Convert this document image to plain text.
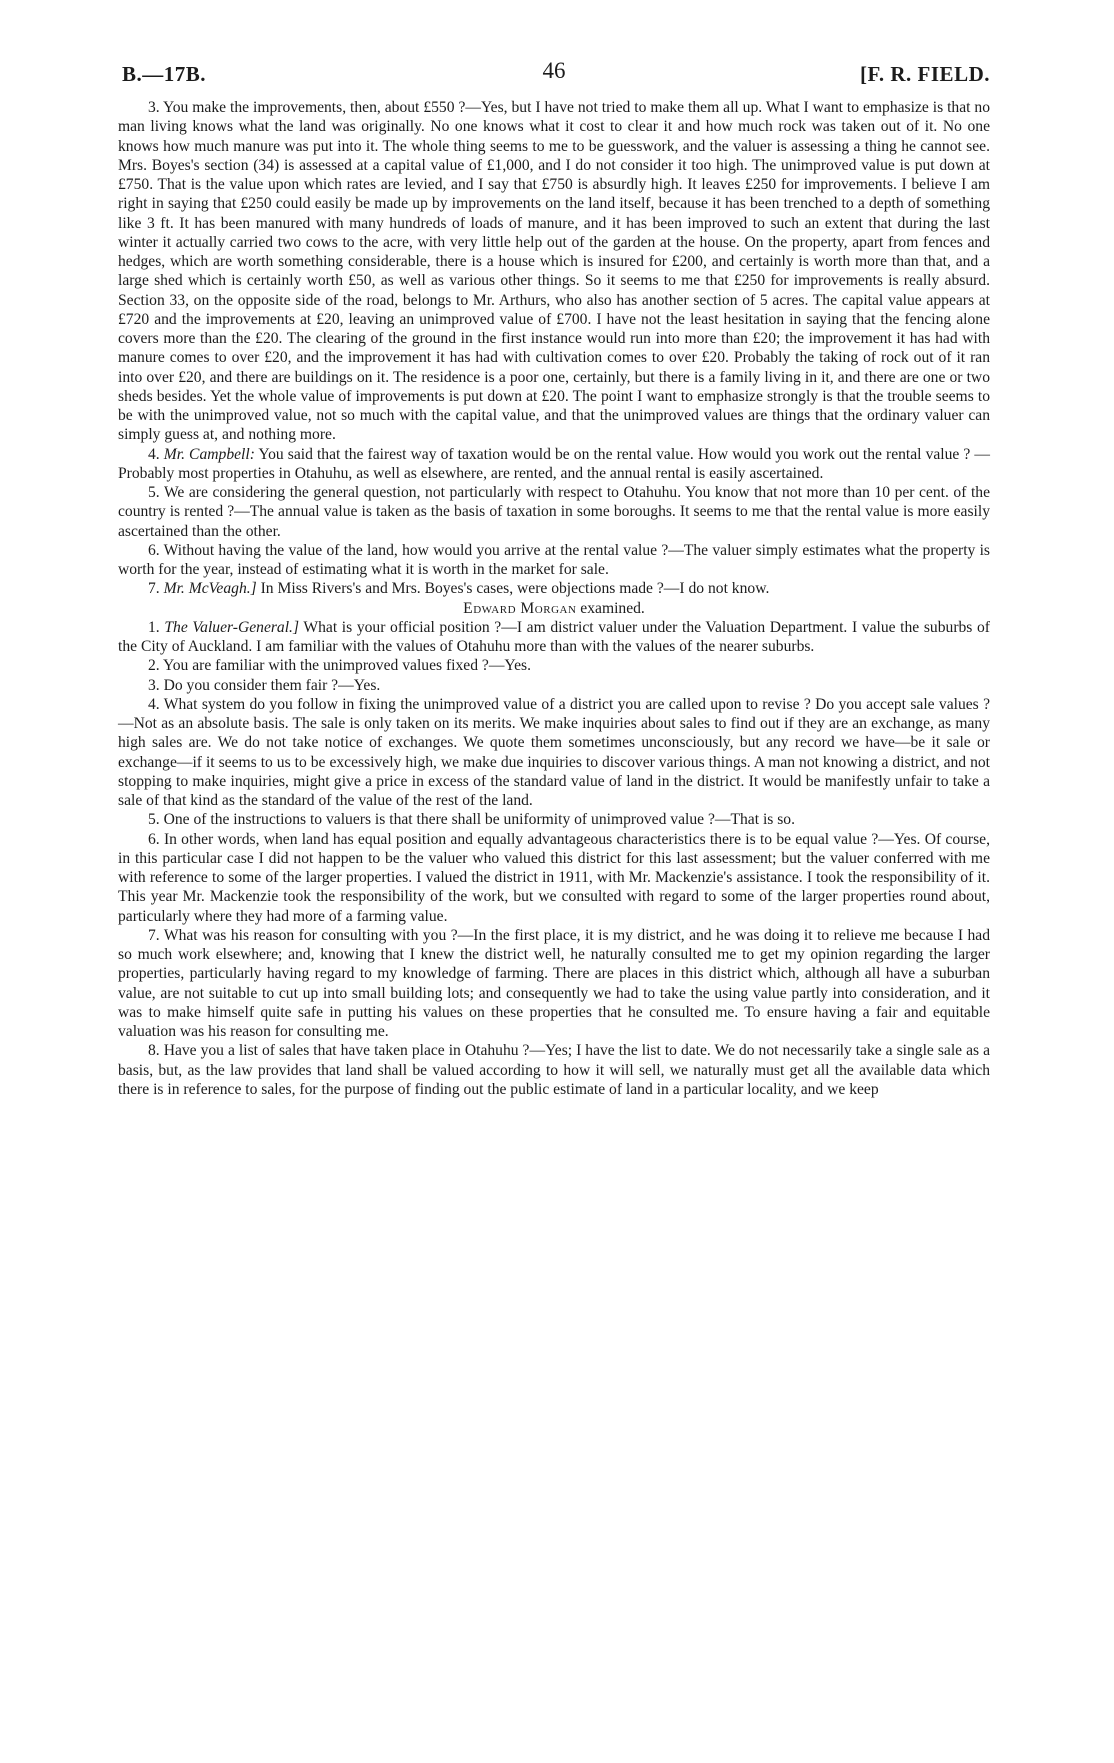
B.—17B.	46	[F. R. FIELD.

3. You make the improvements, then, about £550 ?—Yes, but I have not tried to make them all up. What I want to emphasize is that no man living knows what the land was originally. No one knows what it cost to clear it and how much rock was taken out of it. No one knows how much manure was put into it. The whole thing seems to me to be guesswork, and the valuer is assessing a thing he cannot see. Mrs. Boyes's section (34) is assessed at a capital value of £1,000, and I do not consider it too high. The unimproved value is put down at £750. That is the value upon which rates are levied, and I say that £750 is absurdly high. It leaves £250 for improvements. I believe I am right in saying that £250 could easily be made up by improvements on the land itself, because it has been trenched to a depth of something like 3 ft. It has been manured with many hundreds of loads of manure, and it has been improved to such an extent that during the last winter it actually carried two cows to the acre, with very little help out of the garden at the house. On the property, apart from fences and hedges, which are worth something considerable, there is a house which is insured for £200, and certainly is worth more than that, and a large shed which is certainly worth £50, as well as various other things. So it seems to me that £250 for improvements is really absurd. Section 33, on the opposite side of the road, belongs to Mr. Arthurs, who also has another section of 5 acres. The capital value appears at £720 and the improvements at £20, leaving an unimproved value of £700. I have not the least hesitation in saying that the fencing alone covers more than the £20. The clearing of the ground in the first instance would run into more than £20; the improvement it has had with manure comes to over £20, and the improvement it has had with cultivation comes to over £20. Probably the taking of rock out of it ran into over £20, and there are buildings on it. The residence is a poor one, certainly, but there is a family living in it, and there are one or two sheds besides. Yet the whole value of improvements is put down at £20. The point I want to emphasize strongly is that the trouble seems to be with the unimproved value, not so much with the capital value, and that the unimproved values are things that the ordinary valuer can simply guess at, and nothing more.

4. Mr. Campbell: You said that the fairest way of taxation would be on the rental value. How would you work out the rental value ? —Probably most properties in Otahuhu, as well as elsewhere, are rented, and the annual rental is easily ascertained.

5. We are considering the general question, not particularly with respect to Otahuhu. You know that not more than 10 per cent. of the country is rented ?—The annual value is taken as the basis of taxation in some boroughs. It seems to me that the rental value is more easily ascertained than the other.

6. Without having the value of the land, how would you arrive at the rental value ?—The valuer simply estimates what the property is worth for the year, instead of estimating what it is worth in the market for sale.

7. Mr. McVeagh.] In Miss Rivers's and Mrs. Boyes's cases, were objections made ?—I do not know.

Edward Morgan examined.

1. The Valuer-General.] What is your official position ?—I am district valuer under the Valuation Department. I value the suburbs of the City of Auckland. I am familiar with the values of Otahuhu more than with the values of the nearer suburbs.

2. You are familiar with the unimproved values fixed ?—Yes.

3. Do you consider them fair ?—Yes.

4. What system do you follow in fixing the unimproved value of a district you are called upon to revise ? Do you accept sale values ?—Not as an absolute basis. The sale is only taken on its merits. We make inquiries about sales to find out if they are an exchange, as many high sales are. We do not take notice of exchanges. We quote them sometimes unconsciously, but any record we have—be it sale or exchange—if it seems to us to be excessively high, we make due inquiries to discover various things. A man not knowing a district, and not stopping to make inquiries, might give a price in excess of the standard value of land in the district. It would be manifestly unfair to take a sale of that kind as the standard of the value of the rest of the land.

5. One of the instructions to valuers is that there shall be uniformity of unimproved value ?—That is so.

6. In other words, when land has equal position and equally advantageous characteristics there is to be equal value ?—Yes. Of course, in this particular case I did not happen to be the valuer who valued this district for this last assessment; but the valuer conferred with me with reference to some of the larger properties. I valued the district in 1911, with Mr. Mackenzie's assistance. I took the responsibility of it. This year Mr. Mackenzie took the responsibility of the work, but we consulted with regard to some of the larger properties round about, particularly where they had more of a farming value.

7. What was his reason for consulting with you ?—In the first place, it is my district, and he was doing it to relieve me because I had so much work elsewhere; and, knowing that I knew the district well, he naturally consulted me to get my opinion regarding the larger properties, particularly having regard to my knowledge of farming. There are places in this district which, although all have a suburban value, are not suitable to cut up into small building lots; and consequently we had to take the using value partly into consideration, and it was to make himself quite safe in putting his values on these properties that he consulted me. To ensure having a fair and equitable valuation was his reason for consulting me.

8. Have you a list of sales that have taken place in Otahuhu ?—Yes; I have the list to date. We do not necessarily take a single sale as a basis, but, as the law provides that land shall be valued according to how it will sell, we naturally must get all the available data which there is in reference to sales, for the purpose of finding out the public estimate of land in a particular locality, and we keep
